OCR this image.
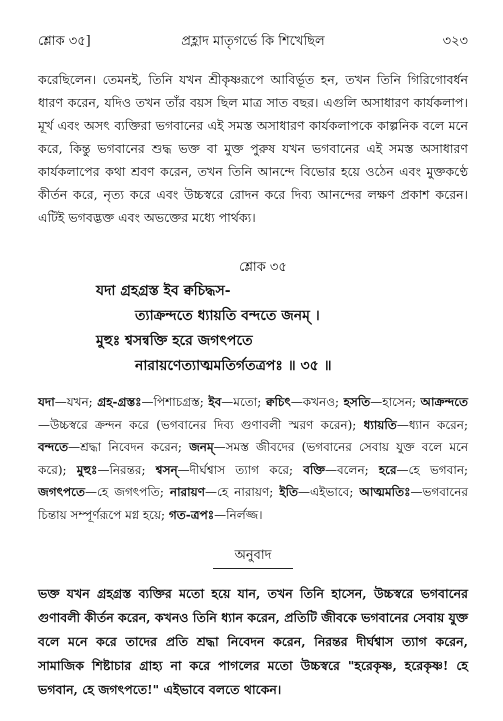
শ্লোক ৩৫]	প্রহ্লাদ মাতৃগর্ভে কি শিখেছিল	৩২৩

করেছিলেন। তেমনই, তিনি যখন শ্রীকৃষ্ণরূপে আবির্ভূত হন, তখন তিনি গিরিগোবর্ধন ধারণ করেন, যদিও তখন তাঁর বয়স ছিল মাত্র সাত বছর। এগুলি অসাধারণ কার্যকলাপ। মূর্খ এবং অসৎ ব্যক্তিরা ভগবানের এই সমস্ত অসাধারণ কার্যকলাপকে কাল্পনিক বলে মনে করে, কিন্তু ভগবানের শুদ্ধ ভক্ত বা মুক্ত পুরুষ যখন ভগবানের এই সমস্ত অসাধারণ কার্যকলাপের কথা শ্রবণ করেন, তখন তিনি আনন্দে বিভোর হয়ে ওঠেন এবং মুক্তকণ্ঠে কীর্তন করে, নৃত্য করে এবং উচ্চস্বরে রোদন করে দিব্য আনন্দের লক্ষণ প্রকাশ করেন। এটিই ভগবদ্ভক্ত এবং অভক্তের মধ্যে পার্থক্য।

শ্লোক ৩৫
যদা গ্রহগ্রস্ত ইব ক্বচিদ্ধস-
ত্যাক্রন্দতে ধ্যায়তি বন্দতে জনম্ ।
মুহুঃ শ্বসন্বক্তি হরে জগৎপতে
নারায়ণেত্যাত্মমতির্গতত্রপঃ ॥ ৩৫ ॥
যদা—যখন; গ্রহ-গ্রস্তঃ—পিশাচগ্রস্ত; ইব—মতো; ক্বচিৎ—কখনও; হসতি—হাসেন; আক্রন্দতে—উচ্চস্বরে ক্রন্দন করে (ভগবানের দিব্য গুণাবলী স্মরণ করেন); ধ্যায়তি—ধ্যান করেন; বন্দতে—শ্রদ্ধা নিবেদন করেন; জনম্—সমস্ত জীবদের (ভগবানের সেবায় যুক্ত বলে মনে করে); মুহুঃ—নিরন্তর; শ্বসন্—দীর্ঘশ্বাস ত্যাগ করে; বক্তি—বলেন; হরে—হে ভগবান; জগৎপতে—হে জগৎপতি; নারায়ণ—হে নারায়ণ; ইতি—এইভাবে; আত্মমতিঃ—ভগবানের চিন্তায় সম্পূর্ণরূপে মগ্ন হয়ে; গত-ত্রপঃ—নির্লজ্জ।
অনুবাদ

ভক্ত যখন গ্রহগ্রস্ত ব্যক্তির মতো হয়ে যান, তখন তিনি হাসেন, উচ্চস্বরে ভগবানের গুণাবলী কীর্তন করেন, কখনও তিনি ধ্যান করেন, প্রতিটি জীবকে ভগবানের সেবায় যুক্ত বলে মনে করে তাদের প্রতি শ্রদ্ধা নিবেদন করেন, নিরন্তর দীর্ঘশ্বাস ত্যাগ করেন, সামাজিক শিষ্টাচার গ্রাহ্য না করে পাগলের মতো উচ্চস্বরে "হরেকৃষ্ণ, হরেকৃষ্ণ! হে ভগবান, হে জগৎপতে!" এইভাবে বলতে থাকেন।
